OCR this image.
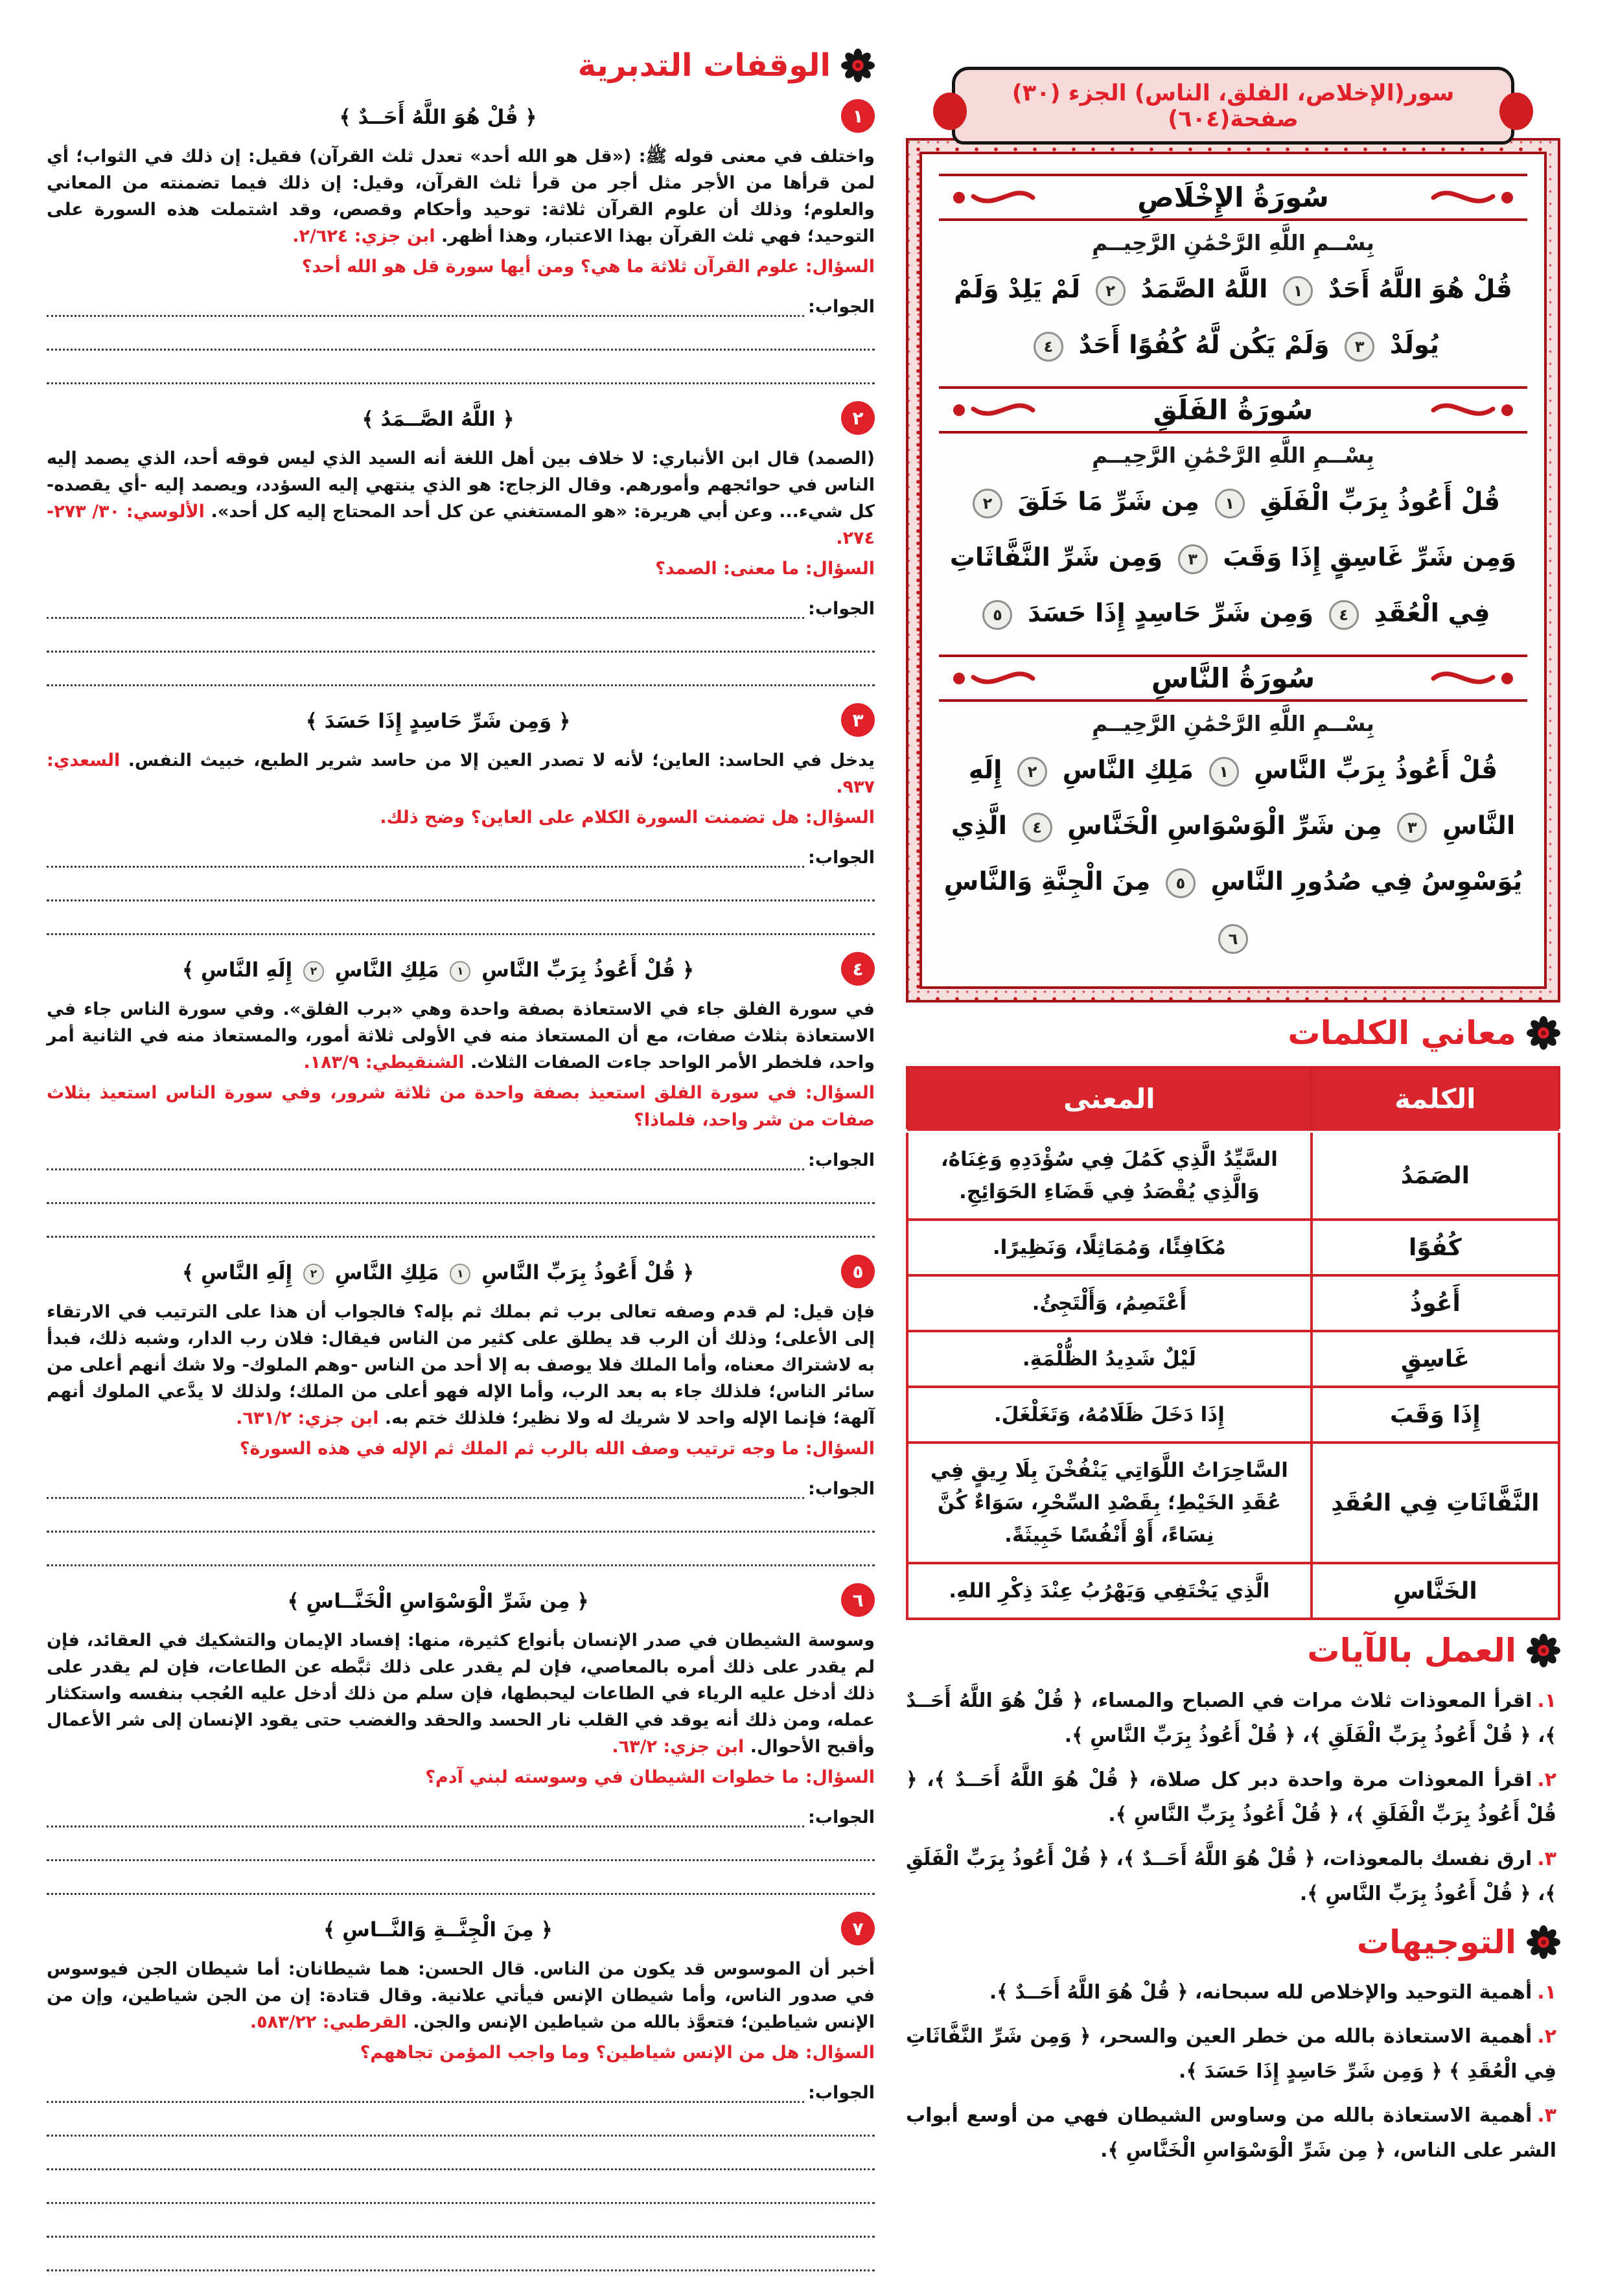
سور(الإخلاص، الفلق، الناس) الجزء (٣٠) صفحة(٦٠٤)
سُورَةُ الإِخْلَاصِ
بِسْــمِ اللَّهِ الرَّحْمَٰنِ الرَّحِيــمِ
قُلْ هُوَ اللَّهُ أَحَدٌ ١ اللَّهُ الصَّمَدُ ٢ لَمْ يَلِدْ وَلَمْ يُولَدْ ٣ وَلَمْ يَكُن لَّهُ كُفُوًا أَحَدٌ ٤
سُورَةُ الفَلَقِ
بِسْــمِ اللَّهِ الرَّحْمَٰنِ الرَّحِيــمِ
قُلْ أَعُوذُ بِرَبِّ الْفَلَقِ ١ مِن شَرِّ مَا خَلَقَ ٢ وَمِن شَرِّ غَاسِقٍ إِذَا وَقَبَ ٣ وَمِن شَرِّ النَّفَّاثَاتِ فِي الْعُقَدِ ٤ وَمِن شَرِّ حَاسِدٍ إِذَا حَسَدَ ٥
سُورَةُ النَّاسِ
بِسْــمِ اللَّهِ الرَّحْمَٰنِ الرَّحِيــمِ
قُلْ أَعُوذُ بِرَبِّ النَّاسِ ١ مَلِكِ النَّاسِ ٢ إِلَهِ النَّاسِ ٣ مِن شَرِّ الْوَسْوَاسِ الْخَنَّاسِ ٤ الَّذِي يُوَسْوِسُ فِي صُدُورِ النَّاسِ ٥ مِنَ الْجِنَّةِ وَالنَّاسِ ٦
معاني الكلمات
الكلمة	المعنى
الصَمَدُ	السَّيِّدُ الَّذِي كَمُلَ فِي سُؤْدَدِهِ وَغِنَاهُ، وَالَّذِي يُقْصَدُ فِي قَضَاءِ الحَوَائِجِ.
كُفُوًا	مُكَافِئًا، وَمُمَاثِلًا، وَنَظِيرًا.
أَعُوذُ	أَعْتَصِمُ، وَأَلْتَجِئُ.
غَاسِقٍ	لَيْلٌ شَدِيدُ الظُّلْمَةِ.
إِذَا وَقَبَ	إِذَا دَخَلَ ظَلَامُهُ، وَتَغَلْغَلَ.
النَّفَّاثَاتِ فِي العُقَدِ	السَّاحِرَاتُ اللَّوَاتِي يَنْفُخْنَ بِلَا رِيقٍ فِي عُقَدِ الخَيْطِ؛ بِقَصْدِ السِّحْرِ، سَوَاءٌ كُنَّ نِسَاءً، أَوْ أَنْفُسًا خَبِيثَةً.
الخَنَّاسِ	الَّذِي يَخْتَفِي وَيَهْرُبُ عِنْدَ ذِكْرِ اللهِ.
العمل بالآيات
١.اقرأ المعوذات ثلاث مرات في الصباح والمساء، ﴿ قُلْ هُوَ اللَّهُ أَحَــدٌ ﴾، ﴿ قُلْ أَعُوذُ بِرَبِّ الْفَلَقِ ﴾، ﴿ قُلْ أَعُوذُ بِرَبِّ النَّاسِ ﴾.
٢.اقرأ المعوذات مرة واحدة دبر كل صلاة، ﴿ قُلْ هُوَ اللَّهُ أَحَــدٌ ﴾، ﴿ قُلْ أَعُوذُ بِرَبِّ الْفَلَقِ ﴾، ﴿ قُلْ أَعُوذُ بِرَبِّ النَّاسِ ﴾.
٣.ارق نفسك بالمعوذات، ﴿ قُلْ هُوَ اللَّهُ أَحَــدٌ ﴾، ﴿ قُلْ أَعُوذُ بِرَبِّ الْفَلَقِ ﴾، ﴿ قُلْ أَعُوذُ بِرَبِّ النَّاسِ ﴾.
التوجيهات
١.أهمية التوحيد والإخلاص لله سبحانه، ﴿ قُلْ هُوَ اللَّهُ أَحَــدٌ ﴾.
٢.أهمية الاستعاذة بالله من خطر العين والسحر، ﴿ وَمِن شَرِّ النَّفَّاثَاتِ فِي الْعُقَدِ ﴾ ﴿ وَمِن شَرِّ حَاسِدٍ إِذَا حَسَدَ ﴾.
٣.أهمية الاستعاذة بالله من وساوس الشيطان فهي من أوسع أبواب الشر على الناس، ﴿ مِن شَرِّ الْوَسْوَاسِ الْخَنَّاسِ ﴾.
الوقفات التدبرية
١
﴿ قُلْ هُوَ اللَّهُ أَحَــدٌ ﴾

واختلف في معنى قوله ﷺ: («قل هو الله أحد» تعدل ثلث القرآن) فقيل: إن ذلك في الثواب؛ أي لمن قرأها من الأجر مثل أجر من قرأ ثلث القرآن، وقيل: إن ذلك فيما تضمنته من المعاني والعلوم؛ وذلك أن علوم القرآن ثلاثة: توحيد وأحكام وقصص، وقد اشتملت هذه السورة على التوحيد؛ فهي ثلث القرآن بهذا الاعتبار، وهذا أظهر. ابن جزي: ٢/٦٢٤.

السؤال: علوم القرآن ثلاثة ما هي؟ ومن أيها سورة قل هو الله أحد؟

الجواب:
٢
﴿ اللَّهُ الصَّــمَدُ ﴾

(الصمد) قال ابن الأنباري: لا خلاف بين أهل اللغة أنه السيد الذي ليس فوقه أحد، الذي يصمد إليه الناس في حوائجهم وأمورهم. وقال الزجاج: هو الذي ينتهي إليه السؤدد، ويصمد إليه -أي يقصده- كل شيء... وعن أبي هريرة: «هو المستغني عن كل أحد المحتاج إليه كل أحد». الألوسي: ٣٠/ ٢٧٣- ٢٧٤.

السؤال: ما معنى: الصمد؟

الجواب:
٣
﴿ وَمِن شَرِّ حَاسِدٍ إِذَا حَسَدَ ﴾

يدخل في الحاسد: العاين؛ لأنه لا تصدر العين إلا من حاسد شرير الطبع، خبيث النفس. السعدي: ٩٣٧.

السؤال: هل تضمنت السورة الكلام على العاين؟ وضح ذلك.

الجواب:
٤
﴿ قُلْ أَعُوذُ بِرَبِّ النَّاسِ ١ مَلِكِ النَّاسِ ٢ إِلَهِ النَّاسِ ﴾

في سورة الفلق جاء في الاستعاذة بصفة واحدة وهي «برب الفلق». وفي سورة الناس جاء في الاستعاذة بثلاث صفات، مع أن المستعاذ منه في الأولى ثلاثة أمور، والمستعاذ منه في الثانية أمر واحد، فلخطر الأمر الواحد جاءت الصفات الثلاث. الشنقيطي: ١٨٣/٩.

السؤال: في سورة الفلق استعيذ بصفة واحدة من ثلاثة شرور، وفي سورة الناس استعيذ بثلاث صفات من شر واحد، فلماذا؟

الجواب:
٥
﴿ قُلْ أَعُوذُ بِرَبِّ النَّاسِ ١ مَلِكِ النَّاسِ ٢ إِلَهِ النَّاسِ ﴾

فإن قيل: لم قدم وصفه تعالى برب ثم بملك ثم بإله؟ فالجواب أن هذا على الترتيب في الارتقاء إلى الأعلى؛ وذلك أن الرب قد يطلق على كثير من الناس فيقال: فلان رب الدار، وشبه ذلك، فبدأ به لاشتراك معناه، وأما الملك فلا يوصف به إلا أحد من الناس -وهم الملوك- ولا شك أنهم أعلى من سائر الناس؛ فلذلك جاء به بعد الرب، وأما الإله فهو أعلى من الملك؛ ولذلك لا يدَّعي الملوك أنهم آلهة؛ فإنما الإله واحد لا شريك له ولا نظير؛ فلذلك ختم به. ابن جزي: ٦٣١/٢.

السؤال: ما وجه ترتيب وصف الله بالرب ثم الملك ثم الإله في هذه السورة؟

الجواب:
٦
﴿ مِن شَرِّ الْوَسْوَاسِ الْخَنَّــاسِ ﴾

وسوسة الشيطان في صدر الإنسان بأنواع كثيرة، منها: إفساد الإيمان والتشكيك في العقائد، فإن لم يقدر على ذلك أمره بالمعاصي، فإن لم يقدر على ذلك ثبَّطه عن الطاعات، فإن لم يقدر على ذلك أدخل عليه الرياء في الطاعات ليحبطها، فإن سلم من ذلك أدخل عليه العُجب بنفسه واستكثار عمله، ومن ذلك أنه يوقد في القلب نار الحسد والحقد والغضب حتى يقود الإنسان إلى شر الأعمال وأقبح الأحوال. ابن جزي: ٦٣/٢.

السؤال: ما خطوات الشيطان في وسوسته لبني آدم؟

الجواب:
٧
﴿ مِنَ الْجِنَّــةِ وَالنَّــاسِ ﴾

أخبر أن الموسوس قد يكون من الناس. قال الحسن: هما شيطانان: أما شيطان الجن فيوسوس في صدور الناس، وأما شيطان الإنس فيأتي علانية. وقال قتادة: إن من الجن شياطين، وإن من الإنس شياطين؛ فتعوَّذ بالله من شياطين الإنس والجن. القرطبي: ٥٨٣/٢٢.

السؤال: هل من الإنس شياطين؟ وما واجب المؤمن تجاههم؟

الجواب:
